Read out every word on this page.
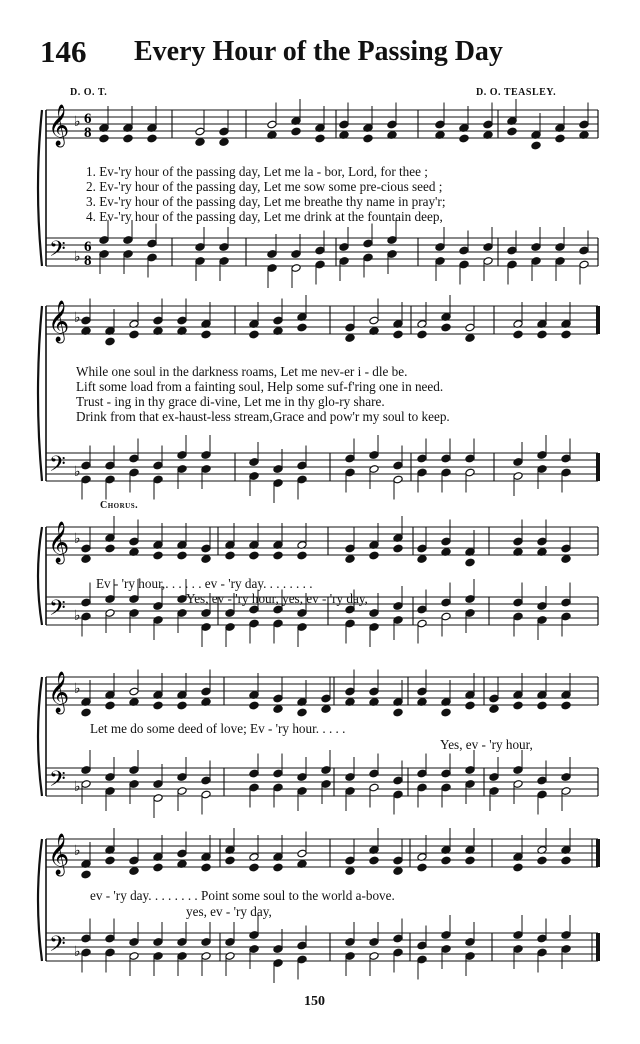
146 Every Hour of the Passing Day
D. O. T.	D. O. TEASLEY.
𝄞
𝄢
♭
♭
6
6
8
8
𝄞
𝄢
♭
♭
𝄞
𝄢
♭
♭
𝄞
𝄢
♭
♭
𝄞
𝄢
♭
♭
1. Ev-'ry hour of the passing day, Let me la - bor, Lord, for thee ;
2. Ev-'ry hour of the passing day, Let me sow some pre-cious seed ;
3. Ev-'ry hour of the passing day, Let me breathe thy name in pray'r;
4. Ev-'ry hour of the passing day, Let me drink at the fountain deep,
While one soul in the darkness roams, Let me nev-er i - dle be.
Lift some load from a fainting soul, Help some suf-f'ring one in need.
Trust - ing in thy grace di-vine, Let me in thy glo-ry share.
Drink from that ex-haust-less stream,Grace and pow'r my soul to keep.
Chorus.
Ev - 'ry hour,. . . . . . ev - 'ry day. . . . . . . .
Yes, ev - 'ry hour, yes, ev - 'ry day,
Let me do some deed of love; Ev - 'ry hour. . . . .
Yes, ev - 'ry hour,
ev - 'ry day. . . . . . . . Point some soul to the world a-bove.
yes, ev - 'ry day,
150
